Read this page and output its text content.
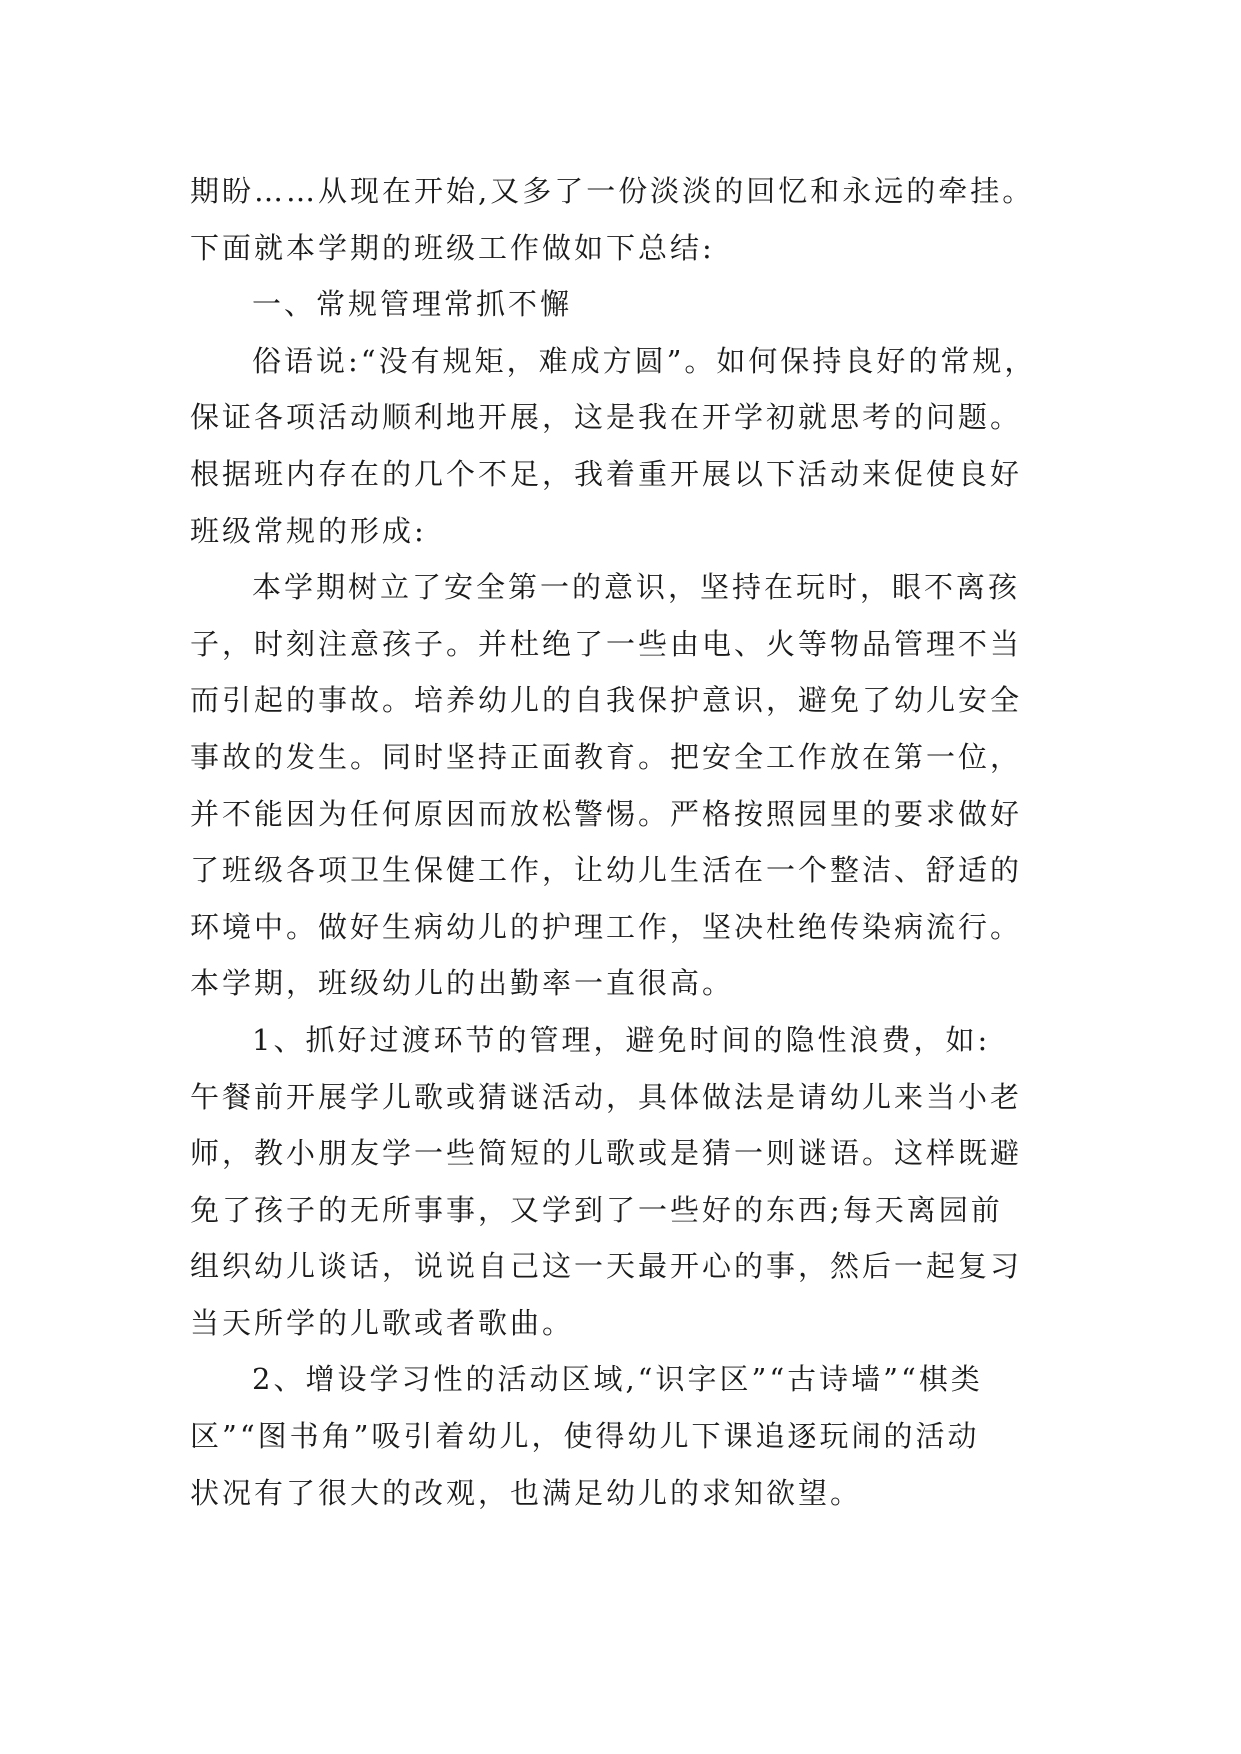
期盼……从现在开始,又多了一份淡淡的回忆和永远的牵挂。
下面就本学期的班级工作做如下总结:
一、常规管理常抓不懈
俗语说:“没有规矩，难成方圆”。如何保持良好的常规，
保证各项活动顺利地开展，这是我在开学初就思考的问题。
根据班内存在的几个不足，我着重开展以下活动来促使良好
班级常规的形成:
本学期树立了安全第一的意识，坚持在玩时，眼不离孩
子，时刻注意孩子。并杜绝了一些由电、火等物品管理不当
而引起的事故。培养幼儿的自我保护意识，避免了幼儿安全
事故的发生。同时坚持正面教育。把安全工作放在第一位，
并不能因为任何原因而放松警惕。严格按照园里的要求做好
了班级各项卫生保健工作，让幼儿生活在一个整洁、舒适的
环境中。做好生病幼儿的护理工作，坚决杜绝传染病流行。
本学期，班级幼儿的出勤率一直很高。
1、抓好过渡环节的管理，避免时间的隐性浪费，如:
午餐前开展学儿歌或猜谜活动，具体做法是请幼儿来当小老
师，教小朋友学一些简短的儿歌或是猜一则谜语。这样既避
免了孩子的无所事事，又学到了一些好的东西;每天离园前
组织幼儿谈话，说说自己这一天最开心的事，然后一起复习
当天所学的儿歌或者歌曲。
2、增设学习性的活动区域,“识字区”“古诗墙”“棋类
区”“图书角”吸引着幼儿，使得幼儿下课追逐玩闹的活动
状况有了很大的改观，也满足幼儿的求知欲望。
